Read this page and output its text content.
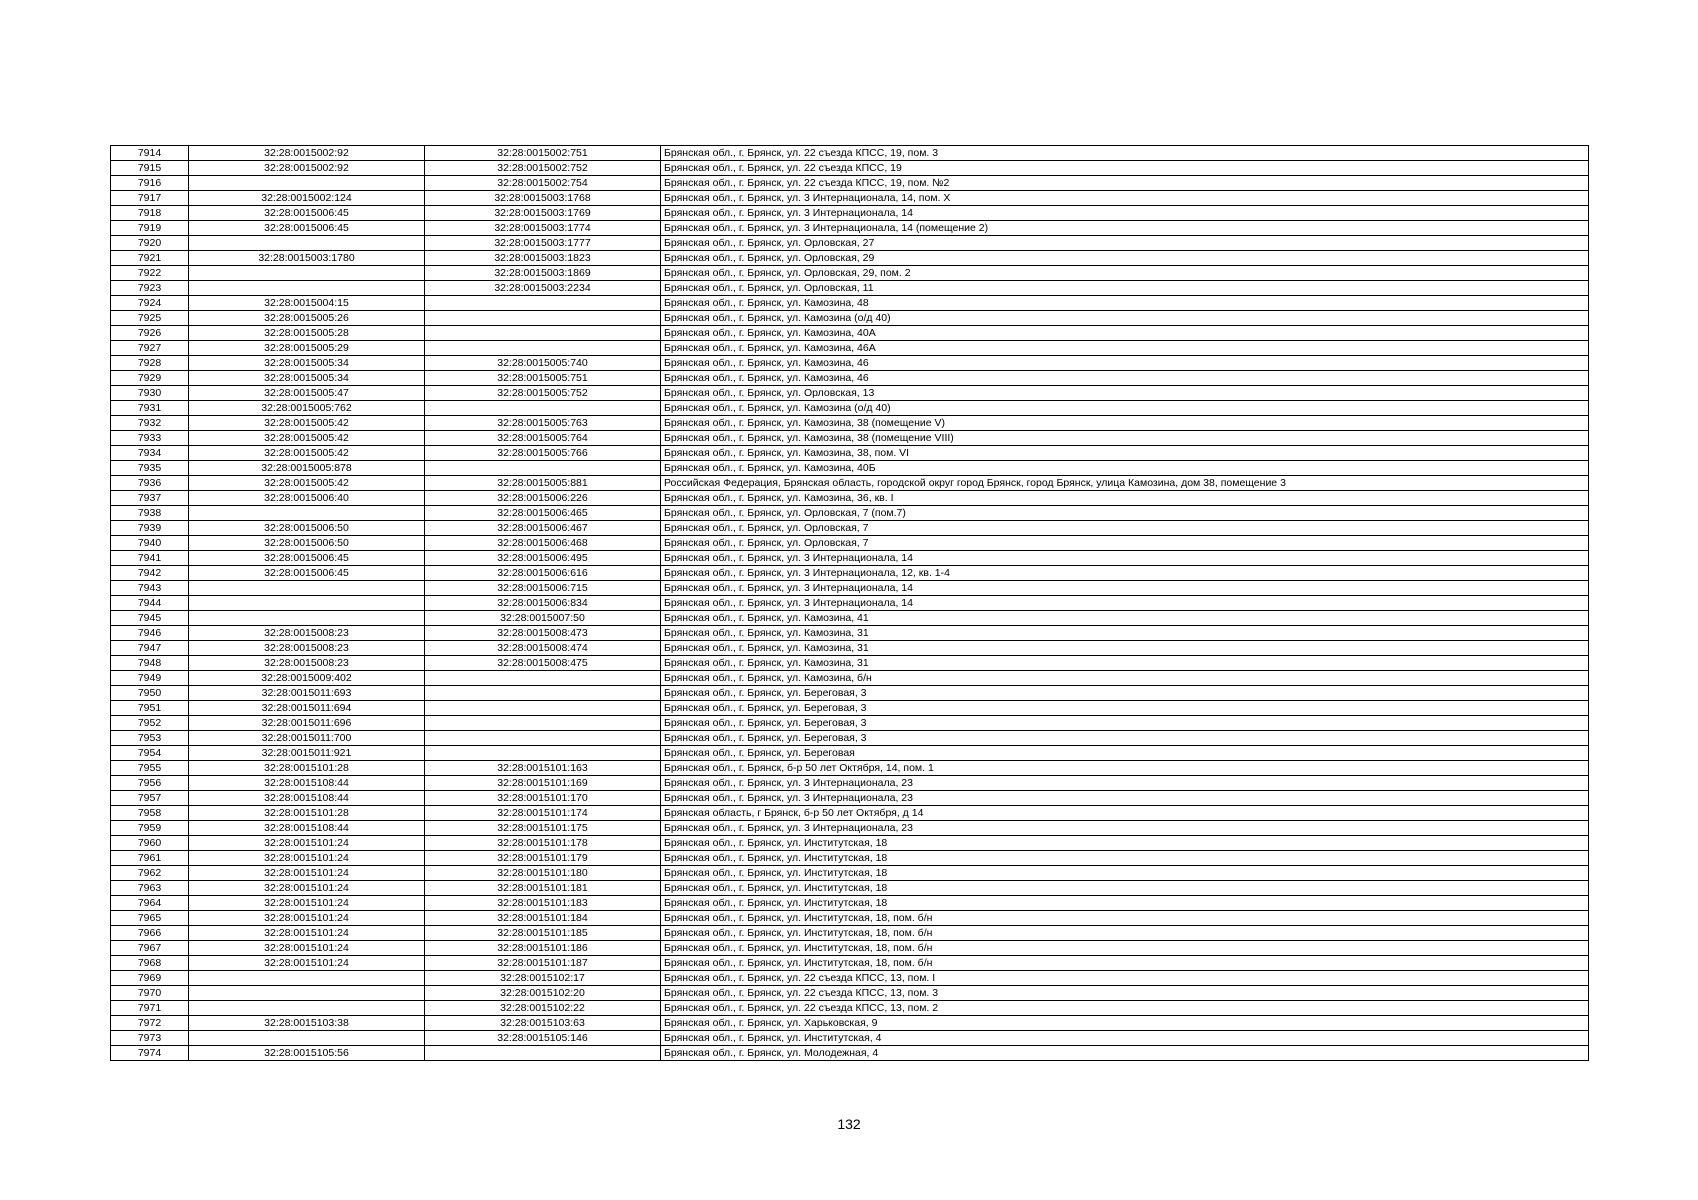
7914	32:28:0015002:92	32:28:0015002:751	Брянская обл., г. Брянск, ул. 22 съезда КПСС, 19, пом. 3
7915	32:28:0015002:92	32:28:0015002:752	Брянская обл., г. Брянск, ул. 22 съезда КПСС, 19
7916		32:28:0015002:754	Брянская обл., г. Брянск, ул. 22 съезда КПСС, 19, пом. №2
7917	32:28:0015002:124	32:28:0015003:1768	Брянская обл., г. Брянск, ул. 3 Интернационала, 14, пом. X
7918	32:28:0015006:45	32:28:0015003:1769	Брянская обл., г. Брянск, ул. 3 Интернационала, 14
7919	32:28:0015006:45	32:28:0015003:1774	Брянская обл., г. Брянск, ул. 3 Интернационала, 14 (помещение 2)
7920		32:28:0015003:1777	Брянская обл., г. Брянск, ул. Орловская, 27
7921	32:28:0015003:1780	32:28:0015003:1823	Брянская обл., г. Брянск, ул. Орловская, 29
7922		32:28:0015003:1869	Брянская обл., г. Брянск, ул. Орловская, 29, пом. 2
7923		32:28:0015003:2234	Брянская обл., г. Брянск, ул. Орловская, 11
7924	32:28:0015004:15		Брянская обл., г. Брянск, ул. Камозина, 48
7925	32:28:0015005:26		Брянская обл., г. Брянск, ул. Камозина (о/д 40)
7926	32:28:0015005:28		Брянская обл., г. Брянск, ул. Камозина, 40А
7927	32:28:0015005:29		Брянская обл., г. Брянск, ул. Камозина, 46А
7928	32:28:0015005:34	32:28:0015005:740	Брянская обл., г. Брянск, ул. Камозина, 46
7929	32:28:0015005:34	32:28:0015005:751	Брянская обл., г. Брянск, ул. Камозина, 46
7930	32:28:0015005:47	32:28:0015005:752	Брянская обл., г. Брянск, ул. Орловская, 13
7931	32:28:0015005:762		Брянская обл., г. Брянск, ул. Камозина (о/д 40)
7932	32:28:0015005:42	32:28:0015005:763	Брянская обл., г. Брянск, ул. Камозина, 38 (помещение V)
7933	32:28:0015005:42	32:28:0015005:764	Брянская обл., г. Брянск, ул. Камозина, 38 (помещение VIII)
7934	32:28:0015005:42	32:28:0015005:766	Брянская обл., г. Брянск, ул. Камозина, 38, пом. VI
7935	32:28:0015005:878		Брянская обл., г. Брянск, ул. Камозина, 40Б
7936	32:28:0015005:42	32:28:0015005:881	Российская Федерация, Брянская область, городской округ город Брянск, город Брянск, улица Камозина, дом 38, помещение 3
7937	32:28:0015006:40	32:28:0015006:226	Брянская обл., г. Брянск, ул. Камозина, 36, кв. I
7938		32:28:0015006:465	Брянская обл., г. Брянск, ул. Орловская, 7 (пом.7)
7939	32:28:0015006:50	32:28:0015006:467	Брянская обл., г. Брянск, ул. Орловская, 7
7940	32:28:0015006:50	32:28:0015006:468	Брянская обл., г. Брянск, ул. Орловская, 7
7941	32:28:0015006:45	32:28:0015006:495	Брянская обл., г. Брянск, ул. 3 Интернационала, 14
7942	32:28:0015006:45	32:28:0015006:616	Брянская обл., г. Брянск, ул. 3 Интернационала, 12, кв. 1-4
7943		32:28:0015006:715	Брянская обл., г. Брянск, ул. 3 Интернационала, 14
7944		32:28:0015006:834	Брянская обл., г. Брянск, ул. 3 Интернационала, 14
7945		32:28:0015007:50	Брянская обл., г. Брянск, ул. Камозина, 41
7946	32:28:0015008:23	32:28:0015008:473	Брянская обл., г. Брянск, ул. Камозина, 31
7947	32:28:0015008:23	32:28:0015008:474	Брянская обл., г. Брянск, ул. Камозина, 31
7948	32:28:0015008:23	32:28:0015008:475	Брянская обл., г. Брянск, ул. Камозина, 31
7949	32:28:0015009:402		Брянская обл., г. Брянск, ул. Камозина, б/н
7950	32:28:0015011:693		Брянская обл., г. Брянск, ул. Береговая, 3
7951	32:28:0015011:694		Брянская обл., г. Брянск, ул. Береговая, 3
7952	32:28:0015011:696		Брянская обл., г. Брянск, ул. Береговая, 3
7953	32:28:0015011:700		Брянская обл., г. Брянск, ул. Береговая, 3
7954	32:28:0015011:921		Брянская обл., г. Брянск, ул. Береговая
7955	32:28:0015101:28	32:28:0015101:163	Брянская обл., г. Брянск, б-р 50 лет Октября, 14, пом. 1
7956	32:28:0015108:44	32:28:0015101:169	Брянская обл., г. Брянск, ул. 3 Интернационала, 23
7957	32:28:0015108:44	32:28:0015101:170	Брянская обл., г. Брянск, ул. 3 Интернационала, 23
7958	32:28:0015101:28	32:28:0015101:174	Брянская область, г Брянск, б-р 50 лет Октября, д 14
7959	32:28:0015108:44	32:28:0015101:175	Брянская обл., г. Брянск, ул. 3 Интернационала, 23
7960	32:28:0015101:24	32:28:0015101:178	Брянская обл., г. Брянск, ул. Институтская, 18
7961	32:28:0015101:24	32:28:0015101:179	Брянская обл., г. Брянск, ул. Институтская, 18
7962	32:28:0015101:24	32:28:0015101:180	Брянская обл., г. Брянск, ул. Институтская, 18
7963	32:28:0015101:24	32:28:0015101:181	Брянская обл., г. Брянск, ул. Институтская, 18
7964	32:28:0015101:24	32:28:0015101:183	Брянская обл., г. Брянск, ул. Институтская, 18
7965	32:28:0015101:24	32:28:0015101:184	Брянская обл., г. Брянск, ул. Институтская, 18, пом. б/н
7966	32:28:0015101:24	32:28:0015101:185	Брянская обл., г. Брянск, ул. Институтская, 18, пом. б/н
7967	32:28:0015101:24	32:28:0015101:186	Брянская обл., г. Брянск, ул. Институтская, 18, пом. б/н
7968	32:28:0015101:24	32:28:0015101:187	Брянская обл., г. Брянск, ул. Институтская, 18, пом. б/н
7969		32:28:0015102:17	Брянская обл., г. Брянск, ул. 22 съезда КПСС, 13, пом. I
7970		32:28:0015102:20	Брянская обл., г. Брянск, ул. 22 съезда КПСС, 13, пом. 3
7971		32:28:0015102:22	Брянская обл., г. Брянск, ул. 22 съезда КПСС, 13, пом. 2
7972	32:28:0015103:38	32:28:0015103:63	Брянская обл., г. Брянск, ул. Харьковская, 9
7973		32:28:0015105:146	Брянская обл., г. Брянск, ул. Институтская, 4
7974	32:28:0015105:56		Брянская обл., г. Брянск, ул. Молодежная, 4
132
